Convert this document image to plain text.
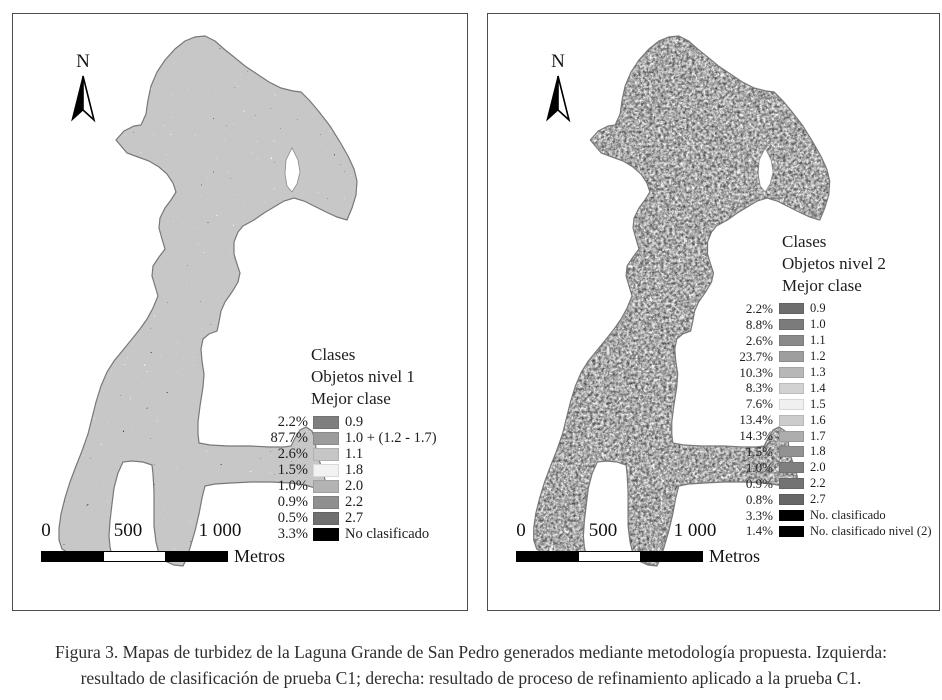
N
Clases
Objetos nivel 1
Mejor clase
2.2%	0.9
87.7%	1.0 + (1.2 - 1.7)
2.6%	1.1
1.5%	1.8
1.0%	2.0
0.9%	2.2
0.5%	2.7
3.3%	No clasificado
0	500	1 000
Metros
N
Clases
Objetos nivel 2
Mejor clase
2.2%	0.9
8.8%	1.0
2.6%	1.1
23.7%	1.2
10.3%	1.3
8.3%	1.4
7.6%	1.5
13.4%	1.6
14.3%	1.7
1.5%	1.8
1.0%	2.0
0.9%	2.2
0.8%	2.7
3.3%	No. clasificado
1.4%	No. clasificado nivel (2)
0	500	1 000
Metros
Figura 3. Mapas de turbidez de la Laguna Grande de San Pedro generados mediante metodología propuesta. Izquierda:
resultado de clasificación de prueba C1; derecha: resultado de proceso de refinamiento aplicado a la prueba C1.
